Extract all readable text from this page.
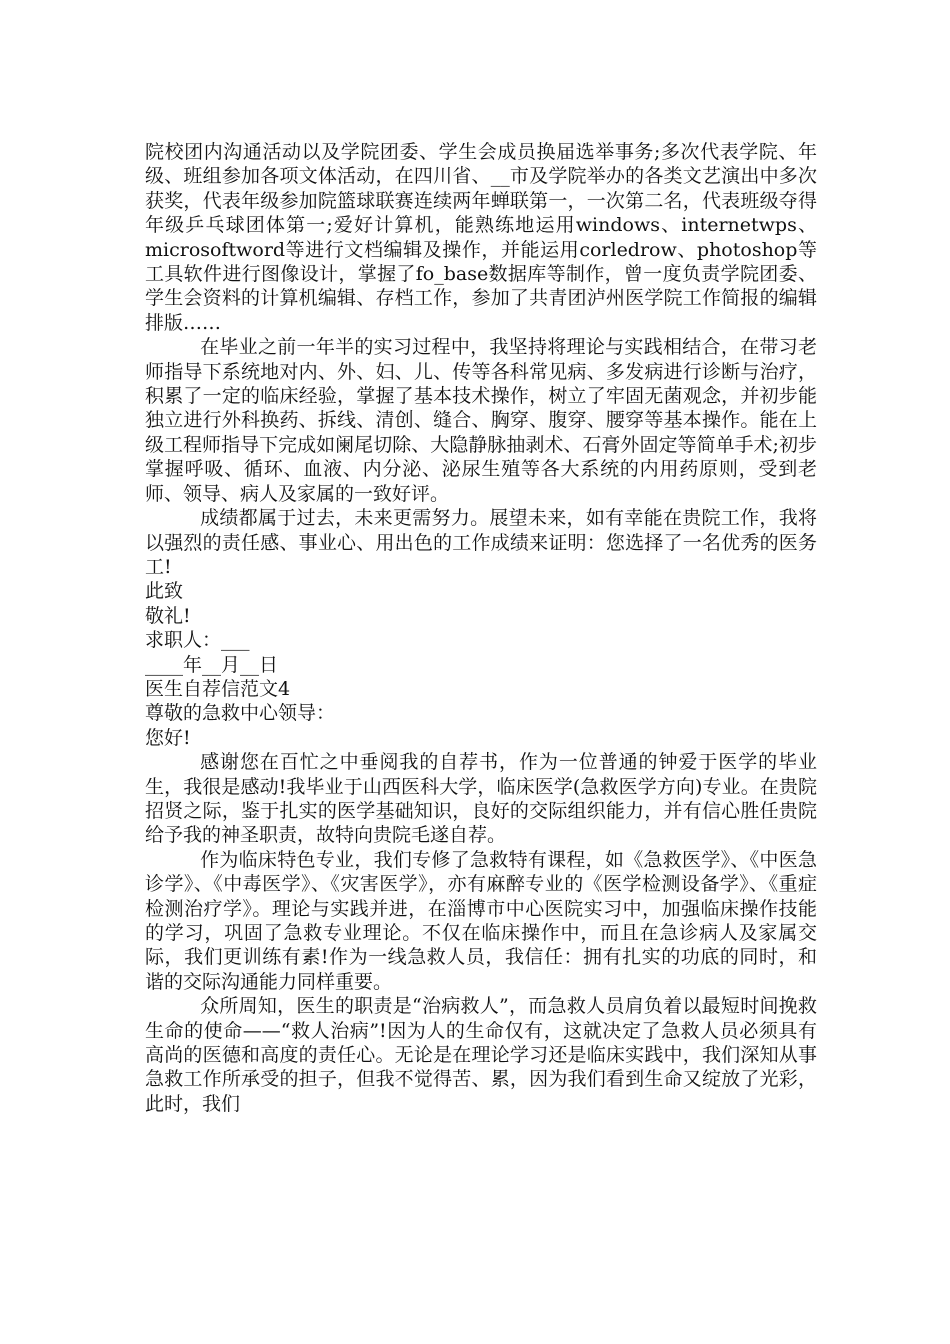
院校团内沟通活动以及学院团委、学生会成员换届选举事务;多次代表学院、年级、班组参加各项文体活动，在四川省、__市及学院举办的各类文艺演出中多次获奖，代表年级参加院篮球联赛连续两年蝉联第一，一次第二名，代表班级夺得年级乒乓球团体第一;爱好计算机，能熟练地运用windows、internetwps、microsoftword等进行文档编辑及操作，并能运用corledrow、photoshop等工具软件进行图像设计，掌握了fo_base数据库等制作，曾一度负责学院团委、学生会资料的计算机编辑、存档工作，参加了共青团泸州医学院工作简报的编辑排版……

在毕业之前一年半的实习过程中，我坚持将理论与实践相结合，在带习老师指导下系统地对内、外、妇、儿、传等各科常见病、多发病进行诊断与治疗，积累了一定的临床经验，掌握了基本技术操作，树立了牢固无菌观念，并初步能独立进行外科换药、拆线、清创、缝合、胸穿、腹穿、腰穿等基本操作。能在上级工程师指导下完成如阑尾切除、大隐静脉抽剥术、石膏外固定等简单手术;初步掌握呼吸、循环、血液、内分泌、泌尿生殖等各大系统的内用药原则，受到老师、领导、病人及家属的一致好评。

成绩都属于过去，未来更需努力。展望未来，如有幸能在贵院工作，我将以强烈的责任感、事业心、用出色的工作成绩来证明：您选择了一名优秀的医务工!

此致

敬礼!

求职人：___

____年__月__日

医生自荐信范文4

尊敬的急救中心领导：

您好!

感谢您在百忙之中垂阅我的自荐书，作为一位普通的钟爱于医学的毕业生，我很是感动!我毕业于山西医科大学，临床医学(急救医学方向)专业。在贵院招贤之际，鉴于扎实的医学基础知识，良好的交际组织能力，并有信心胜任贵院给予我的神圣职责，故特向贵院毛遂自荐。

作为临床特色专业，我们专修了急救特有课程，如《急救医学》、《中医急诊学》、《中毒医学》、《灾害医学》，亦有麻醉专业的《医学检测设备学》、《重症检测治疗学》。理论与实践并进，在淄博市中心医院实习中，加强临床操作技能的学习，巩固了急救专业理论。不仅在临床操作中，而且在急诊病人及家属交际，我们更训练有素!作为一线急救人员，我信任：拥有扎实的功底的同时，和谐的交际沟通能力同样重要。

众所周知，医生的职责是“治病救人”，而急救人员肩负着以最短时间挽救生命的使命——“救人治病”!因为人的生命仅有，这就决定了急救人员必须具有高尚的医德和高度的责任心。无论是在理论学习还是临床实践中，我们深知从事急救工作所承受的担子，但我不觉得苦、累，因为我们看到生命又绽放了光彩，此时，我们
